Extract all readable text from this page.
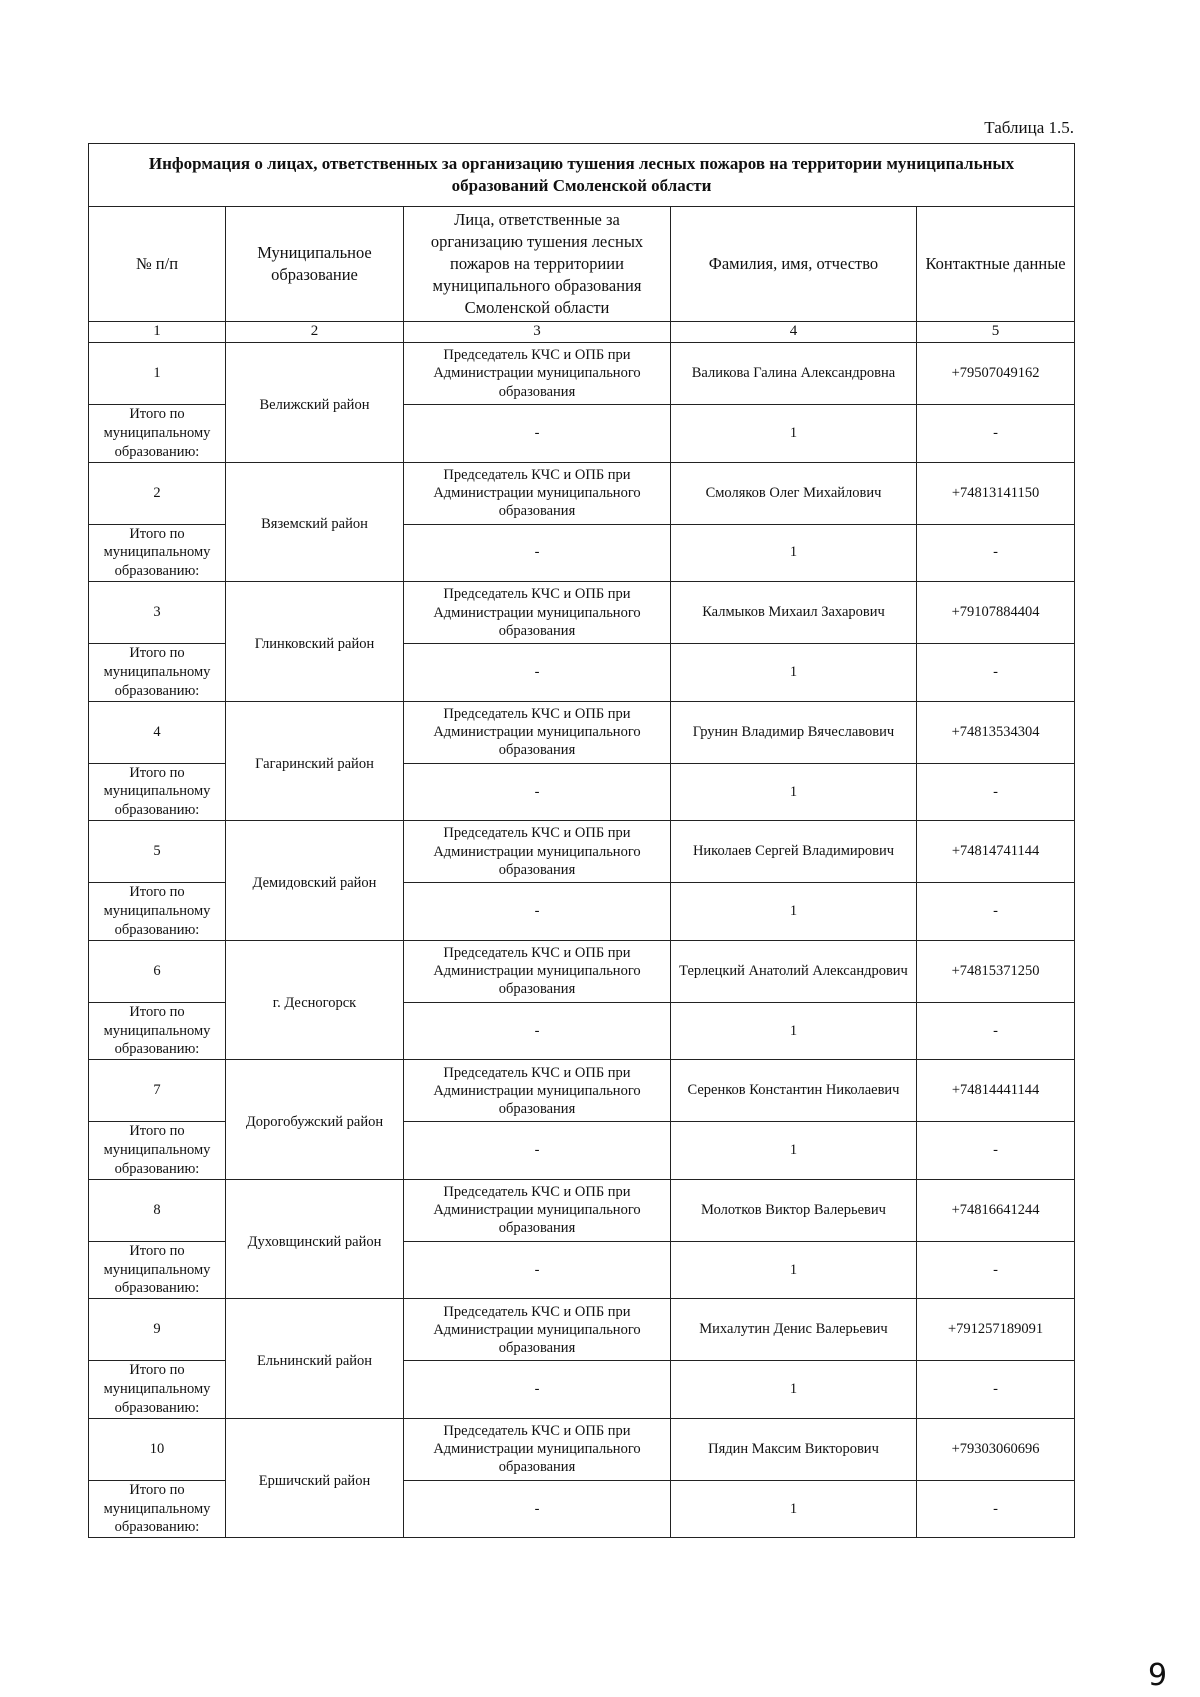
Таблица 1.5.
Информация о лицах, ответственных за организацию тушения лесных пожаров на территории муниципальных образований Смоленской области				
№ п/п	Муниципальное образование	Лица, ответственные за организацию тушения лесных пожаров на территориии муниципального образования Смоленской области	Фамилия, имя, отчество	Контактные данные
1	2	3	4	5
1	Велижский район	Председатель КЧС и ОПБ при Администрации муниципального образования	Валикова Галина Александровна	+79507049162
Итого по муниципальному образованию:		-	1	-
2	Вяземский район	Председатель КЧС и ОПБ при Администрации муниципального образования	Смоляков Олег Михайлович	+74813141150
Итого по муниципальному образованию:		-	1	-
3	Глинковский район	Председатель КЧС и ОПБ при Администрации муниципального образования	Калмыков Михаил Захарович	+79107884404
Итого по муниципальному образованию:		-	1	-
4	Гагаринский район	Председатель КЧС и ОПБ при Администрации муниципального образования	Грунин Владимир Вячеславович	+74813534304
Итого по муниципальному образованию:		-	1	-
5	Демидовский район	Председатель КЧС и ОПБ при Администрации муниципального образования	Николаев Сергей Владимирович	+74814741144
Итого по муниципальному образованию:		-	1	-
6	г. Десногорск	Председатель КЧС и ОПБ при Администрации муниципального образования	Терлецкий Анатолий Александрович	+74815371250
Итого по муниципальному образованию:		-	1	-
7	Дорогобужский район	Председатель КЧС и ОПБ при Администрации муниципального образования	Серенков Константин Николаевич	+74814441144
Итого по муниципальному образованию:		-	1	-
8	Духовщинский район	Председатель КЧС и ОПБ при Администрации муниципального образования	Молотков Виктор Валерьевич	+74816641244
Итого по муниципальному образованию:		-	1	-
9	Ельнинский район	Председатель КЧС и ОПБ при Администрации муниципального образования	Михалутин Денис Валерьевич	+791257189091
Итого по муниципальному образованию:		-	1	-
10	Ершичский район	Председатель КЧС и ОПБ при Администрации муниципального образования	Пядин Максим Викторович	+79303060696
Итого по муниципальному образованию:		-	1	-
9
